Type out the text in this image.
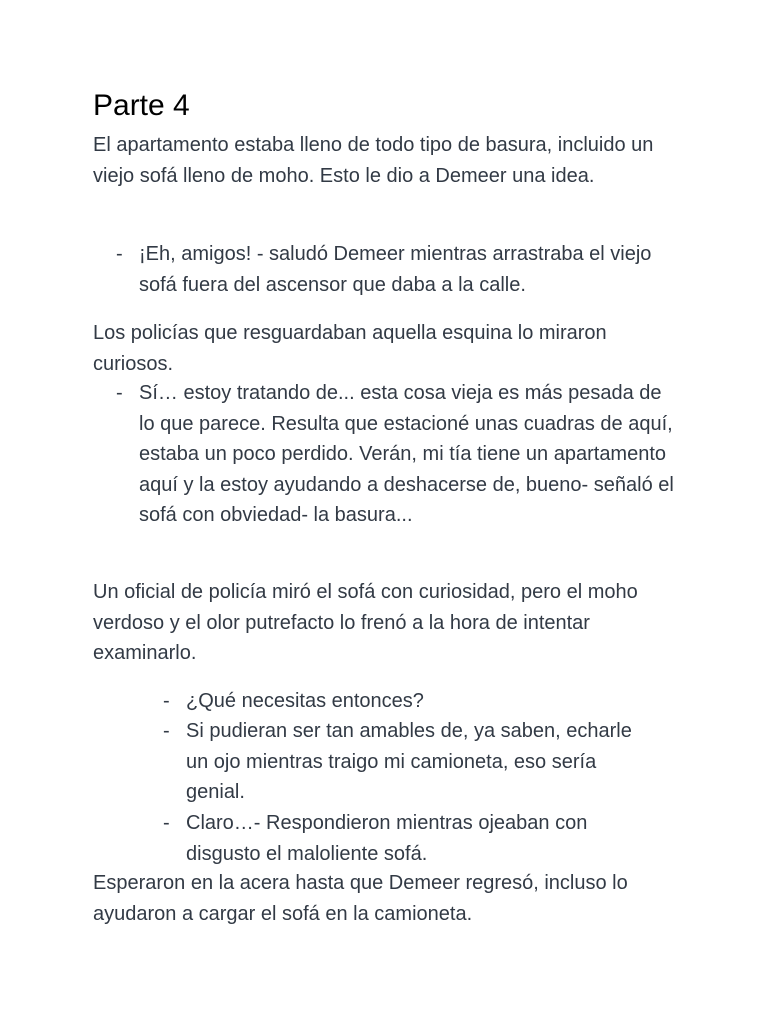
Parte 4

El apartamento estaba lleno de todo tipo de basura, incluido un viejo sofá lleno de moho. Esto le dio a Demeer una idea.

- ¡Eh, amigos! - saludó Demeer mientras arrastraba el viejo sofá fuera del ascensor que daba a la calle.

Los policías que resguardaban aquella esquina lo miraron curiosos.

- Sí… estoy tratando de... esta cosa vieja es más pesada de lo que parece. Resulta que estacioné unas cuadras de aquí, estaba un poco perdido. Verán, mi tía tiene un apartamento aquí y la estoy ayudando a deshacerse de, bueno- señaló el sofá con obviedad- la basura...

Un oficial de policía miró el sofá con curiosidad, pero el moho verdoso y el olor putrefacto lo frenó a la hora de intentar examinarlo.

- ¿Qué necesitas entonces?
- Si pudieran ser tan amables de, ya saben, echarle un ojo mientras traigo mi camioneta, eso sería genial.
- Claro…- Respondieron mientras ojeaban con disgusto el maloliente sofá.

Esperaron en la acera hasta que Demeer regresó, incluso lo ayudaron a cargar el sofá en la camioneta.
